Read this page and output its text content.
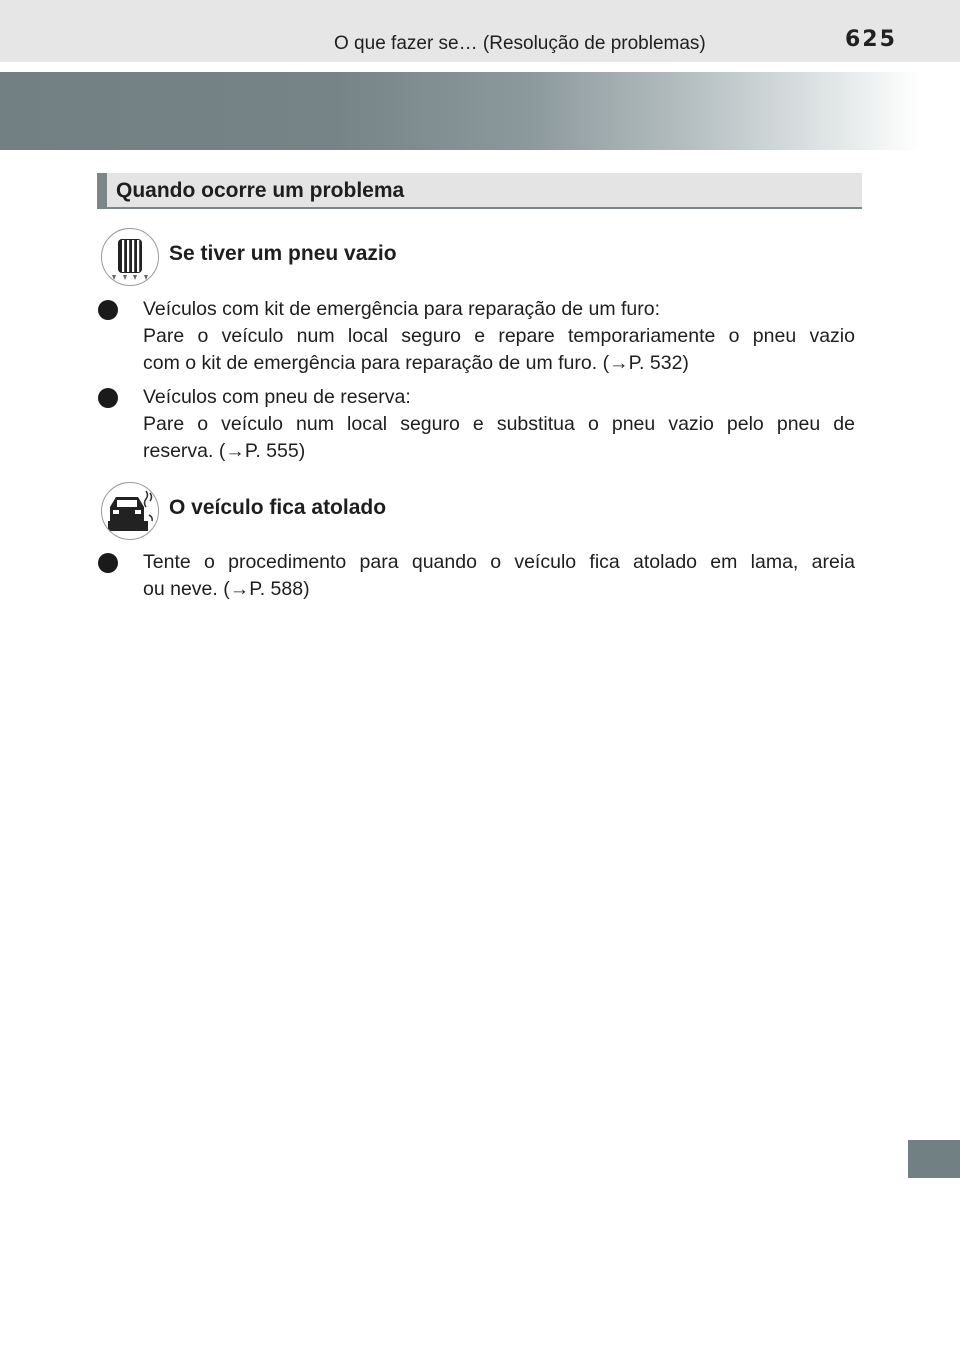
O que fazer se… (Resolução de problemas)	625
Quando ocorre um problema
Se tiver um pneu vazio
Veículos com kit de emergência para reparação de um furo:
Pare o veículo num local seguro e repare temporariamente o pneu vazio
com o kit de emergência para reparação de um furo. (→P. 532)
Veículos com pneu de reserva:
Pare o veículo num local seguro e substitua o pneu vazio pelo pneu de
reserva. (→P. 555)
O veículo fica atolado
Tente o procedimento para quando o veículo fica atolado em lama, areia
ou neve. (→P. 588)
